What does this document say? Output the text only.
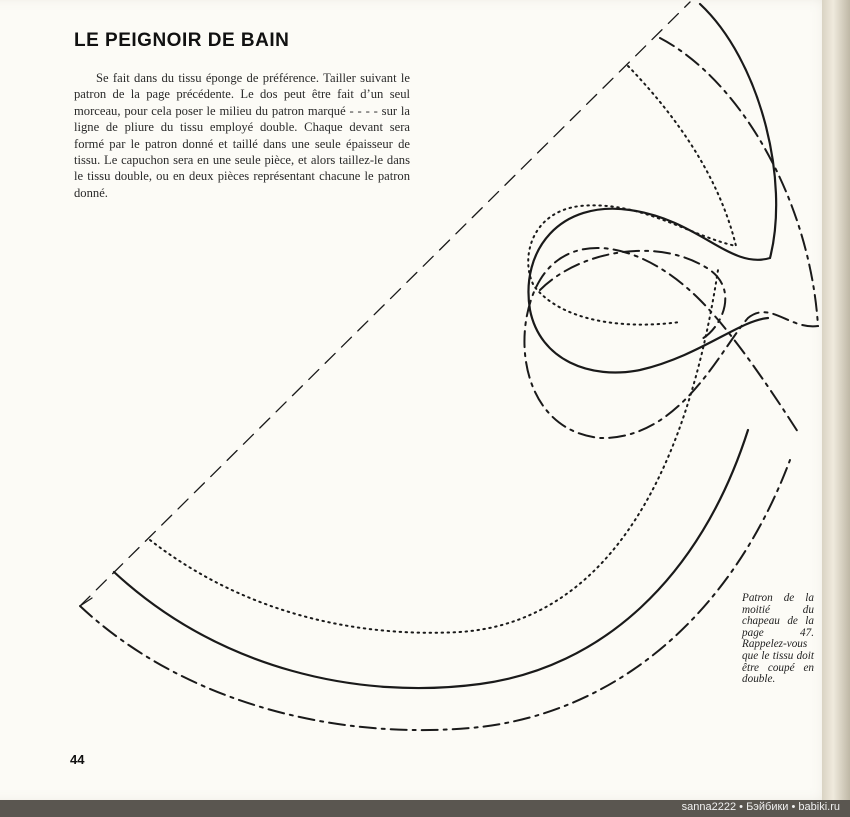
LE PEIGNOIR DE BAIN

Se fait dans du tissu éponge de préférence. Tailler suivant le patron de la page précédente. Le dos peut être fait d’un seul morceau, pour cela poser le milieu du patron marqué - - - - sur la ligne de pliure du tissu employé double. Chaque devant sera formé par le patron donné et taillé dans une seule épaisseur de tissu. Le capuchon sera en une seule pièce, et alors taillez-le dans le tissu double, ou en deux pièces représentant chacune le patron donné.

Patron de la moitié du chapeau de la page 47. Rappelez-vous que le tissu doit être coupé en double.

44
sanna2222 • Бэйбики • babiki.ru
